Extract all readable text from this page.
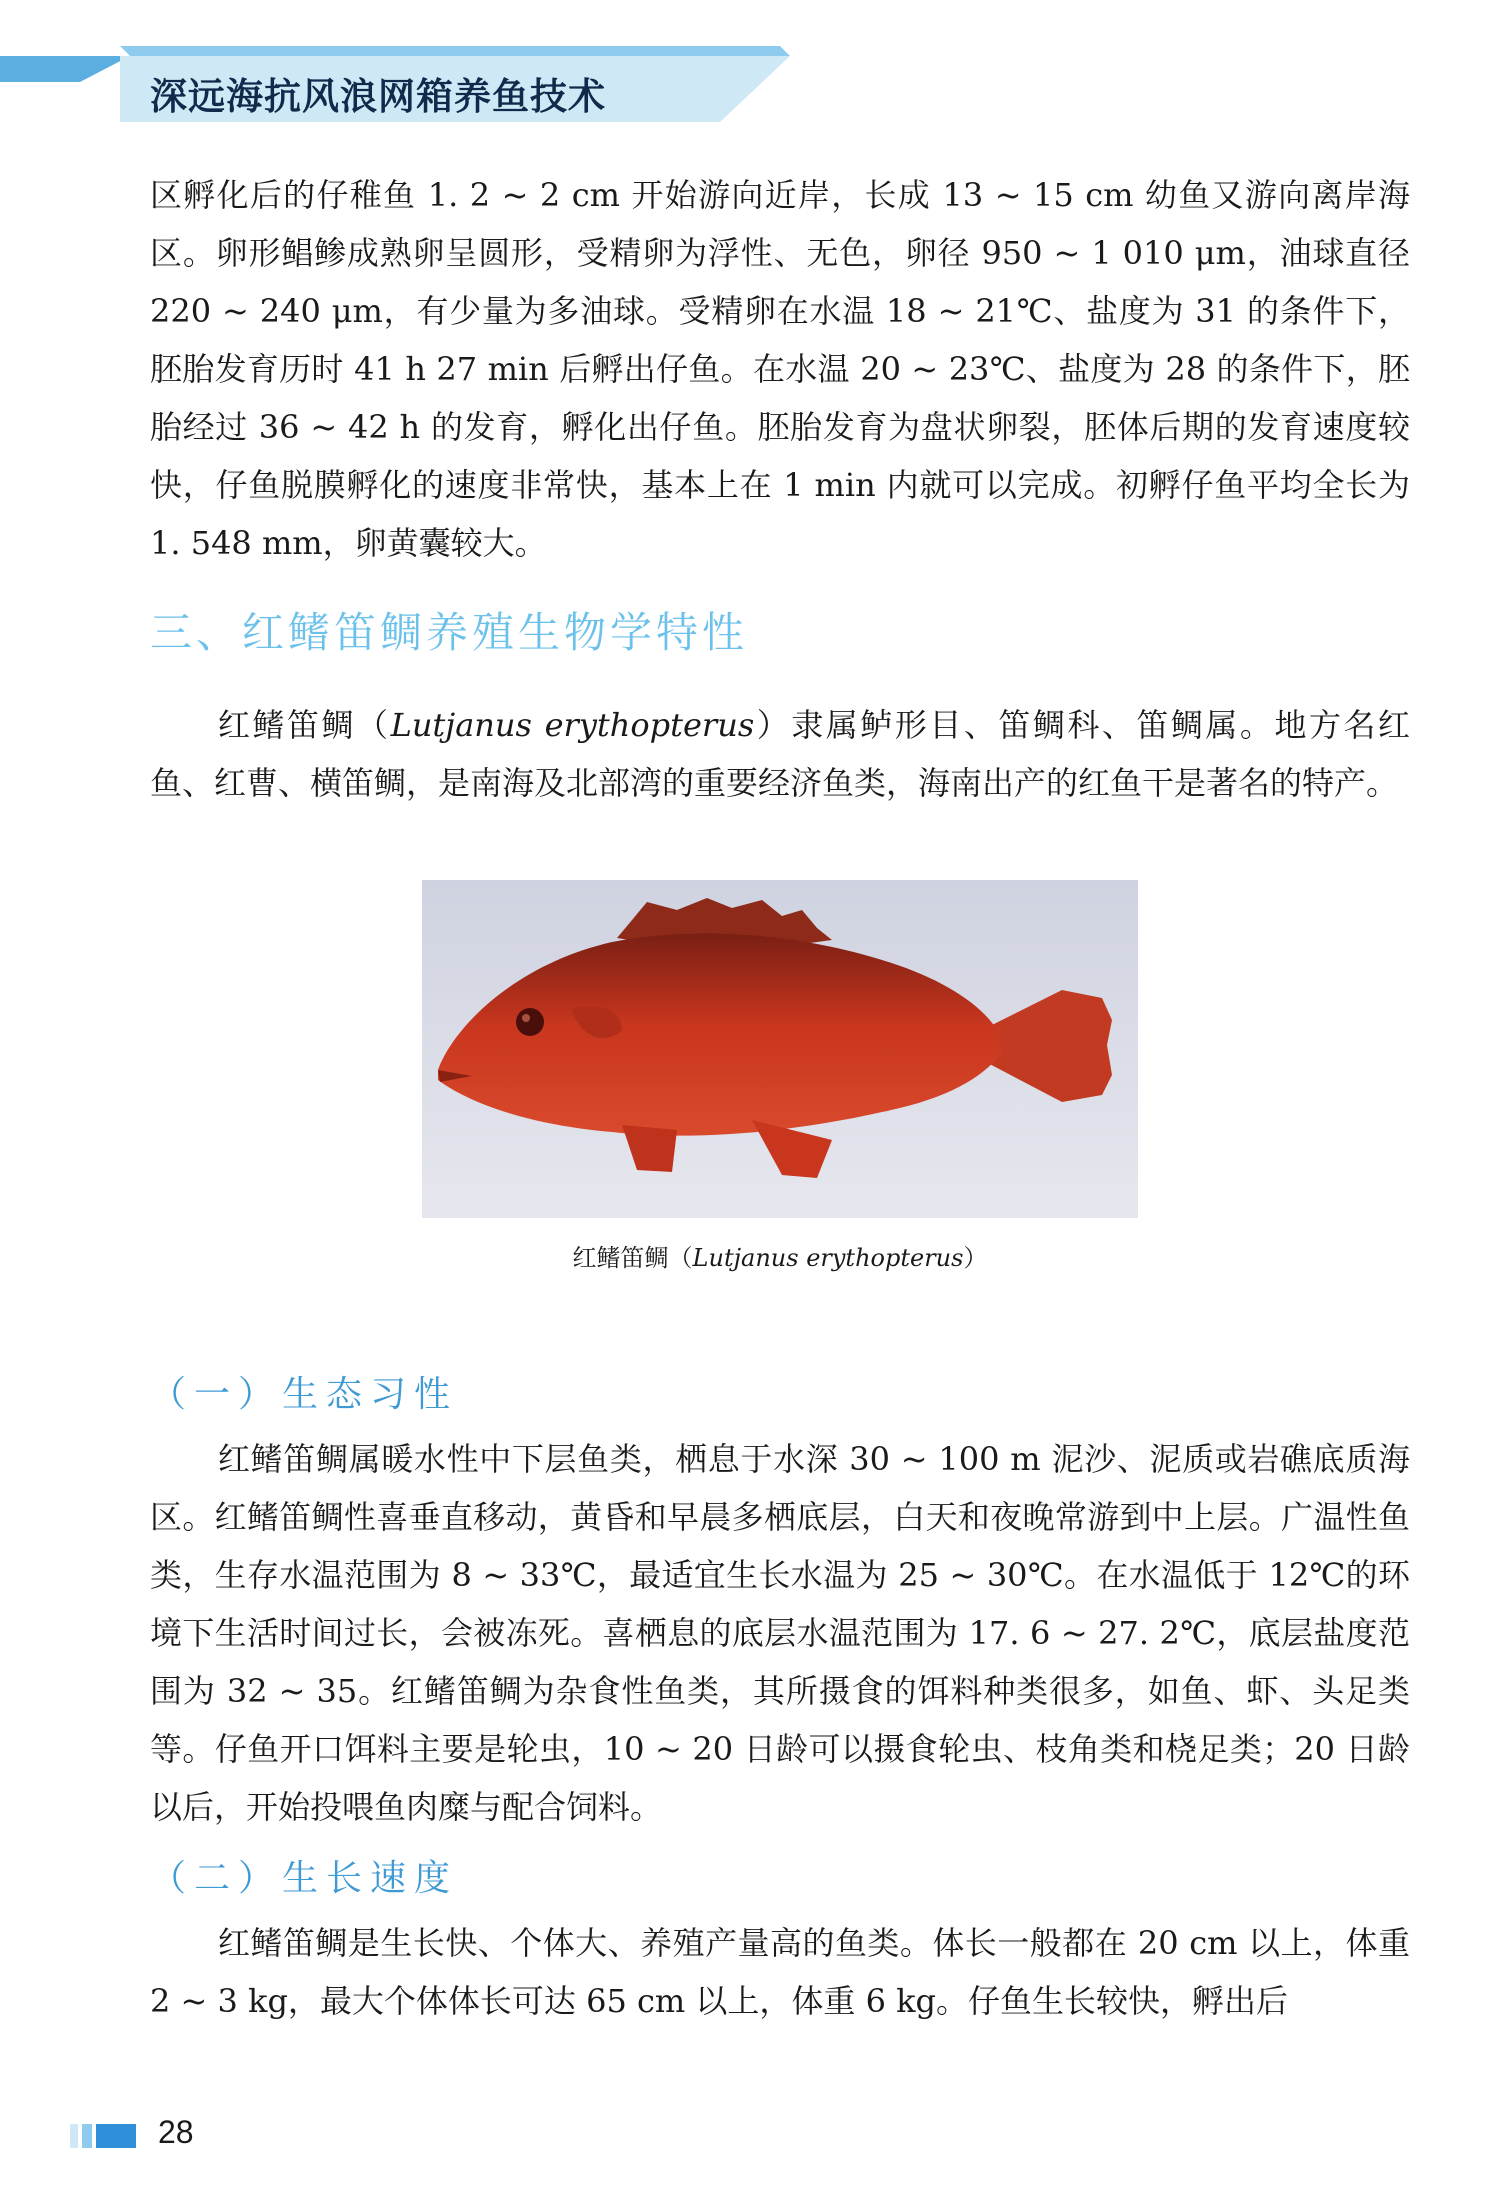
深远海抗风浪网箱养鱼技术

区孵化后的仔稚鱼 1. 2 ~ 2 cm 开始游向近岸，长成 13 ~ 15 cm 幼鱼又游向离岸海区。卵形鲳鲹成熟卵呈圆形，受精卵为浮性、无色，卵径 950 ~ 1 010 μm，油球直径 220 ~ 240 μm，有少量为多油球。受精卵在水温 18 ~ 21℃、盐度为 31 的条件下，胚胎发育历时 41 h 27 min 后孵出仔鱼。在水温 20 ~ 23℃、盐度为 28 的条件下，胚胎经过 36 ~ 42 h 的发育，孵化出仔鱼。胚胎发育为盘状卵裂，胚体后期的发育速度较快，仔鱼脱膜孵化的速度非常快，基本上在 1 min 内就可以完成。初孵仔鱼平均全长为 1. 548 mm，卵黄囊较大。

三、红鳍笛鲷养殖生物学特性

红鳍笛鲷（Lutjanus erythopterus）隶属鲈形目、笛鲷科、笛鲷属。地方名红鱼、红曹、横笛鲷，是南海及北部湾的重要经济鱼类，海南出产的红鱼干是著名的特产。

红鳍笛鲷（Lutjanus erythopterus）

（一）生态习性

红鳍笛鲷属暖水性中下层鱼类，栖息于水深 30 ~ 100 m 泥沙、泥质或岩礁底质海区。红鳍笛鲷性喜垂直移动，黄昏和早晨多栖底层，白天和夜晚常游到中上层。广温性鱼类，生存水温范围为 8 ~ 33℃，最适宜生长水温为 25 ~ 30℃。在水温低于 12℃的环境下生活时间过长，会被冻死。喜栖息的底层水温范围为 17. 6 ~ 27. 2℃，底层盐度范围为 32 ~ 35。红鳍笛鲷为杂食性鱼类，其所摄食的饵料种类很多，如鱼、虾、头足类等。仔鱼开口饵料主要是轮虫，10 ~ 20 日龄可以摄食轮虫、枝角类和桡足类；20 日龄以后，开始投喂鱼肉糜与配合饲料。

（二）生长速度

红鳍笛鲷是生长快、个体大、养殖产量高的鱼类。体长一般都在 20 cm 以上，体重 2 ~ 3 kg，最大个体体长可达 65 cm 以上，体重 6 kg。仔鱼生长较快，孵出后

28
